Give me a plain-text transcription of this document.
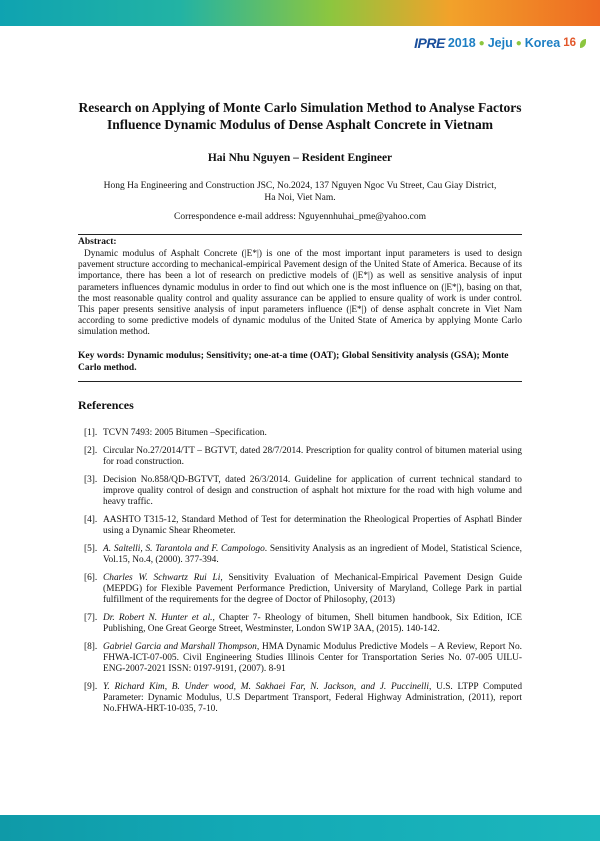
IPRE 2018 ● Jeju ● Korea 16
Research on Applying of Monte Carlo Simulation Method to Analyse Factors Influence Dynamic Modulus of Dense Asphalt Concrete in Vietnam
Hai Nhu Nguyen – Resident Engineer
Hong Ha Engineering and Construction JSC, No.2024, 137 Nguyen Ngoc Vu Street, Cau Giay District, Ha Noi, Viet Nam.
Correspondence e-mail address: Nguyennhuhai_pme@yahoo.com
Abstract:
Dynamic modulus of Asphalt Concrete (|E*|) is one of the most important input parameters is used to design pavement structure according to mechanical-empirical Pavement design of the United State of America. Because of its importance, there has been a lot of research on predictive models of (|E*|) as well as sensitive analysis of input parameters influences dynamic modulus in order to find out which one is the most influence on (|E*|), basing on that, the most reasonable quality control and quality assurance can be applied to ensure quality of work is under control. This paper presents sensitive analysis of input parameters influence (|E*|) of dense asphalt concrete in Viet Nam according to some predictive models of dynamic modulus of the United State of America by applying Monte Carlo simulation method.
Key words: Dynamic modulus; Sensitivity; one-at-a time (OAT); Global Sensitivity analysis (GSA); Monte Carlo method.
References
[1]. TCVN 7493: 2005 Bitumen –Specification.
[2]. Circular No.27/2014/TT – BGTVT, dated 28/7/2014. Prescription for quality control of bitumen material using for road construction.
[3]. Decision No.858/QD-BGTVT, dated 26/3/2014. Guideline for application of current technical standard to improve quality control of design and construction of asphalt hot mixture for the road with high volume and heavy traffic.
[4]. AASHTO T315-12, Standard Method of Test for determination the Rheological Properties of Asphatl Binder using a Dynamic Shear Rheometer.
[5]. A. Saltelli, S. Tarantola and F. Campologo. Sensitivity Analysis as an ingredient of Model, Statistical Science, Vol.15, No.4, (2000). 377-394.
[6]. Charles W. Schwartz Rui Li, Sensitivity Evaluation of Mechanical-Empirical Pavement Design Guide (MEPDG) for Flexible Pavement Performance Prediction, University of Maryland, College Park in partial fulfillment of the requirements for the degree of Doctor of Philosophy, (2013)
[7]. Dr. Robert N. Hunter et al., Chapter 7- Rheology of bitumen, Shell bitumen handbook, Six Edition, ICE Publishing, One Great George Street, Westminster, London SW1P 3AA, (2015). 140-142.
[8]. Gabriel Garcia and Marshall Thompson, HMA Dynamic Modulus Predictive Models – A Review, Report No. FHWA-ICT-07-005. Civil Engineering Studies Illinois Center for Transportation Series No. 07-005 UILU-ENG-2007-2021 ISSN: 0197-9191, (2007). 8-91
[9]. Y. Richard Kim, B. Under wood, M. Sakhaei Far, N. Jackson, and J. Puccinelli, U.S. LTPP Computed Parameter: Dynamic Modulus, U.S Department Transport, Federal Highway Administration, (2011), report No.FHWA-HRT-10-035, 7-10.
